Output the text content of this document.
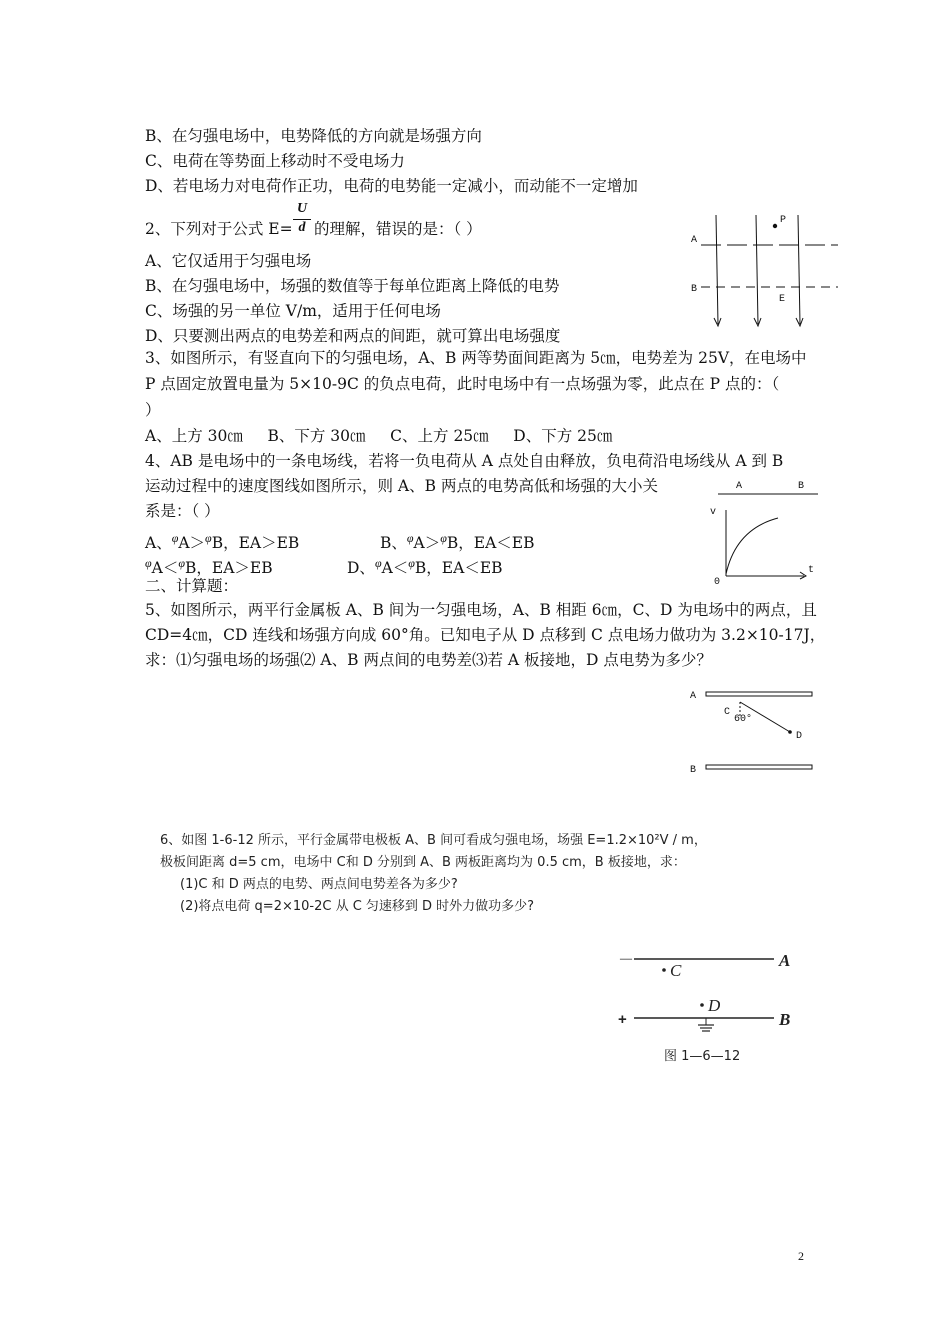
B、在匀强电场中，电势降低的方向就是场强方向
C、电荷在等势面上移动时不受电场力
D、若电场力对电荷作正功，电荷的电势能一定减小，而动能不一定增加
2、下列对于公式 E=
U
d 的理解，错误的是：（ ）
A、它仅适用于匀强电场
B、在匀强电场中，场强的数值等于每单位距离上降低的电势
C、场强的另一单位 V/m，适用于任何电场
D、只要测出两点的电势差和两点的间距，就可算出电场强度
A
B
P
E
3、如图所示，有竖直向下的匀强电场，A、B 两等势面间距离为 5㎝，电势差为 25V，在电场中
P 点固定放置电量为 5×10-9C 的负点电荷，此时电场中有一点场强为零，此点在 P 点的：（
）
A、上方 30㎝     B、下方 30㎝     C、上方 25㎝     D、下方 25㎝
4、AB 是电场中的一条电场线，若将一负电荷从 A 点处自由释放，负电荷沿电场线从 A 到 B
运动过程中的速度图线如图所示，则 A、B 两点的电势高低和场强的大小关
系是：（ ）
A、$^\varphi$A＞$^\varphi$B，EA＞EB	B、$^\varphi$A＞$^\varphi$B，EA＜EB
$^\varphi$A＜$^\varphi$B，EA＞EB	D、$^\varphi$A＜$^\varphi$B，EA＜EB
A	B
v
0
t
二、计算题：
5、如图所示，两平行金属板 A、B 间为一匀强电场，A、B 相距 6㎝，C、D 为电场中的两点，且
CD=4㎝，CD 连线和场强方向成 60°角。已知电子从 D 点移到 C 点电场力做功为 3.2×10-17J，
求：⑴匀强电场的场强⑵ A、B 两点间的电势差⑶若 A 板接地，D 点电势为多少？
A
B
C
60°
D
6、如图 1-6-12 所示，平行金属带电极板 A、B 间可看成匀强电场，场强 E=1.2×10²V / m，
极板间距离 d=5 cm，电场中 C和 D 分别到 A、B 两板距离均为 0.5 cm，B 板接地，求：
(1)C 和 D 两点的电势、两点间电势差各为多少?
(2)将点电荷 q=2×10-2C 从 C 匀速移到 D 时外力做功多少?
－	A
C
D
+	B
图 1—6—12
2
